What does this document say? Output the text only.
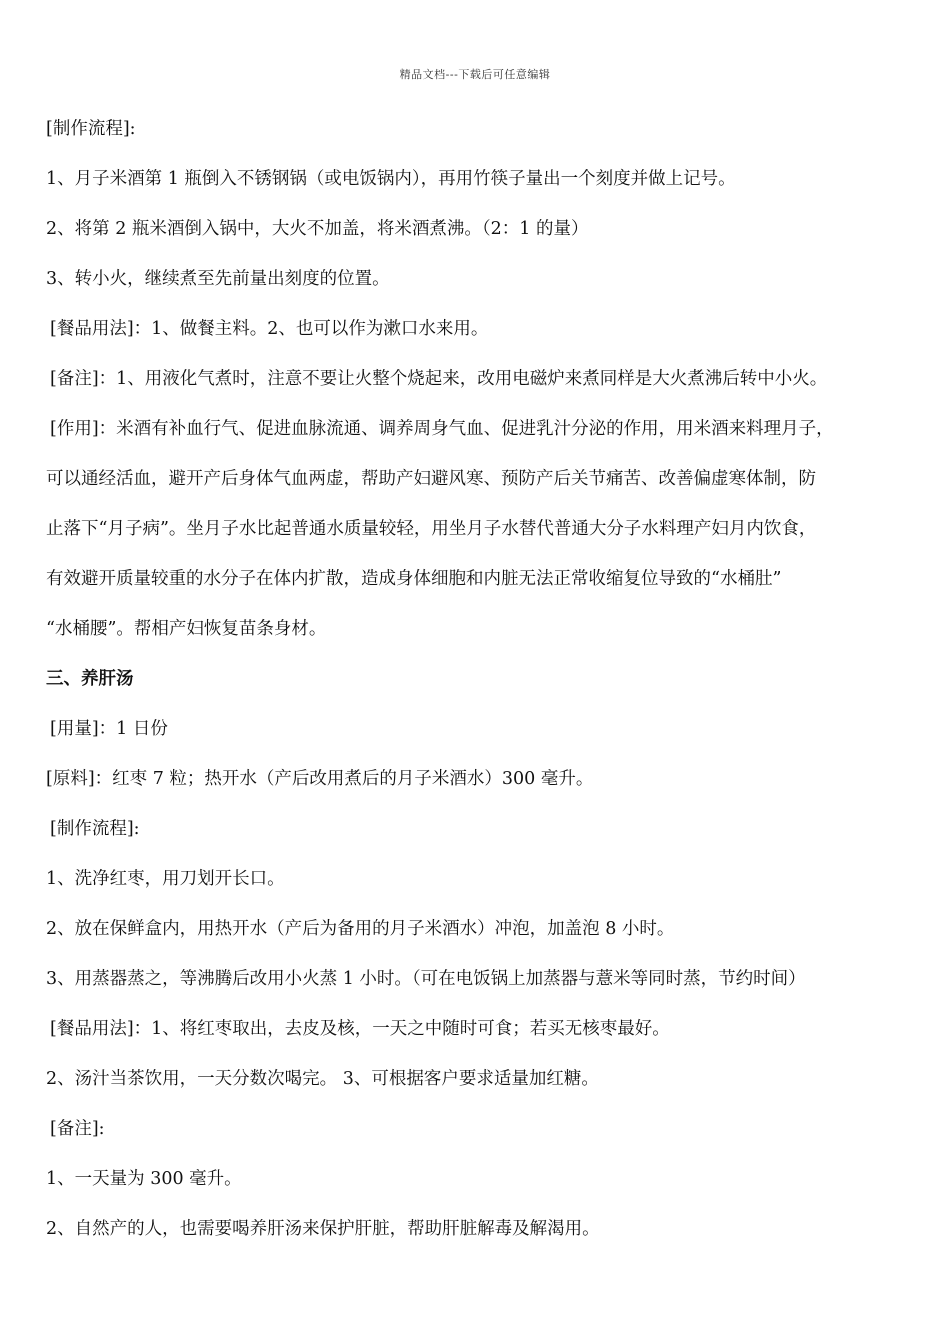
精品文档---下载后可任意编辑
[制作流程]:
1、月子米酒第 1 瓶倒入不锈钢锅（或电饭锅内），再用竹筷子量出一个刻度并做上记号。
2、将第 2 瓶米酒倒入锅中，大火不加盖，将米酒煮沸。（2：1 的量）
3、转小火，继续煮至先前量出刻度的位置。
[餐品用法]：1、做餐主料。2、也可以作为漱口水来用。
[备注]：1、用液化气煮时，注意不要让火整个烧起来，改用电磁炉来煮同样是大火煮沸后转中小火。
[作用]：米酒有补血行气、促进血脉流通、调养周身气血、促进乳汁分泌的作用，用米酒来料理月子，
可以通经活血，避开产后身体气血两虚，帮助产妇避风寒、预防产后关节痛苦、改善偏虚寒体制，防
止落下“月子病”。坐月子水比起普通水质量较轻，用坐月子水替代普通大分子水料理产妇月内饮食，
有效避开质量较重的水分子在体内扩散，造成身体细胞和内脏无法正常收缩复位导致的“水桶肚”
“水桶腰”。帮相产妇恢复苗条身材。
三、养肝汤
[用量]：1 日份
[原料]：红枣 7 粒；热开水（产后改用煮后的月子米酒水）300 毫升。
[制作流程]:
1、洗净红枣，用刀划开长口。
2、放在保鲜盒内，用热开水（产后为备用的月子米酒水）冲泡，加盖泡 8 小时。
3、用蒸器蒸之，等沸腾后改用小火蒸 1 小时。（可在电饭锅上加蒸器与薏米等同时蒸，节约时间）
[餐品用法]：1、将红枣取出，去皮及核，一天之中随时可食；若买无核枣最好。
2、汤汁当茶饮用，一天分数次喝完。 3、可根据客户要求适量加红糖。
[备注]:
1、一天量为 300 毫升。
2、自然产的人，也需要喝养肝汤来保护肝脏，帮助肝脏解毒及解渴用。
